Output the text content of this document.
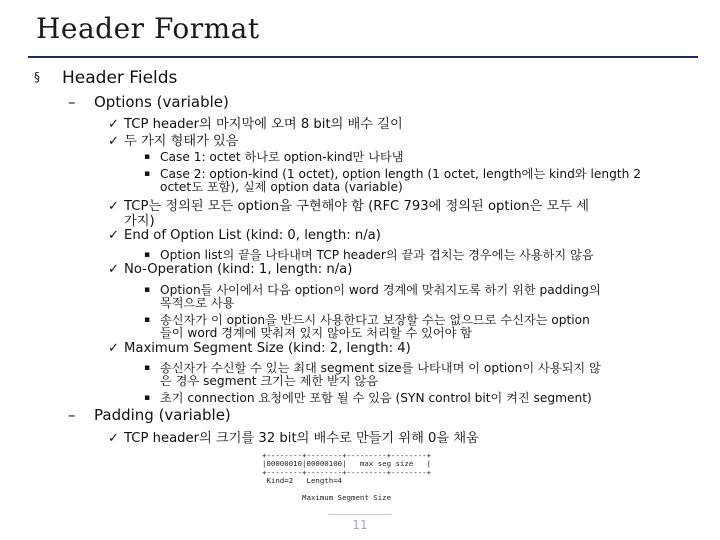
Header Format
§ Header Fields
– Options (variable)
✓ TCP header의 마지막에 오며 8 bit의 배수 길이
✓ 두 가지 형태가 있음
▪ Case 1: octet 하나로 option-kind만 나타냄
▪ Case 2: option-kind (1 octet), option length (1 octet, length에는 kind와 length 2
octet도 포함), 실제 option data (variable)
✓ TCP는 정의된 모든 option을 구현해야 함 (RFC 793에 정의된 option은 모두 세
가지)
✓ End of Option List (kind: 0, length: n/a)
▪ Option list의 끝을 나타내며 TCP header의 끝과 겹치는 경우에는 사용하지 않음
✓ No-Operation (kind: 1, length: n/a)
▪ Option들 사이에서 다음 option이 word 경계에 맞춰지도록 하기 위한 padding의
목적으로 사용
▪ 송신자가 이 option을 반드시 사용한다고 보장할 수는 없으므로 수신자는 option
들이 word 경계에 맞춰져 있지 않아도 처리할 수 있어야 함
✓ Maximum Segment Size (kind: 2, length: 4)
▪ 송신자가 수신할 수 있는 최대 segment size를 나타내며 이 option이 사용되지 않
은 경우 segment 크기는 제한 받지 않음
▪ 초기 connection 요청에만 포함 될 수 있음 (SYN control bit이 켜진 segment)
– Padding (variable)
✓ TCP header의 크기를 32 bit의 배수로 만들기 위해 0을 채움
+--------+--------+---------+--------+
|00000010|00000100|   max seg size   |
+--------+--------+---------+--------+
Kind=2   Length=4

Maximum Segment Size
11
